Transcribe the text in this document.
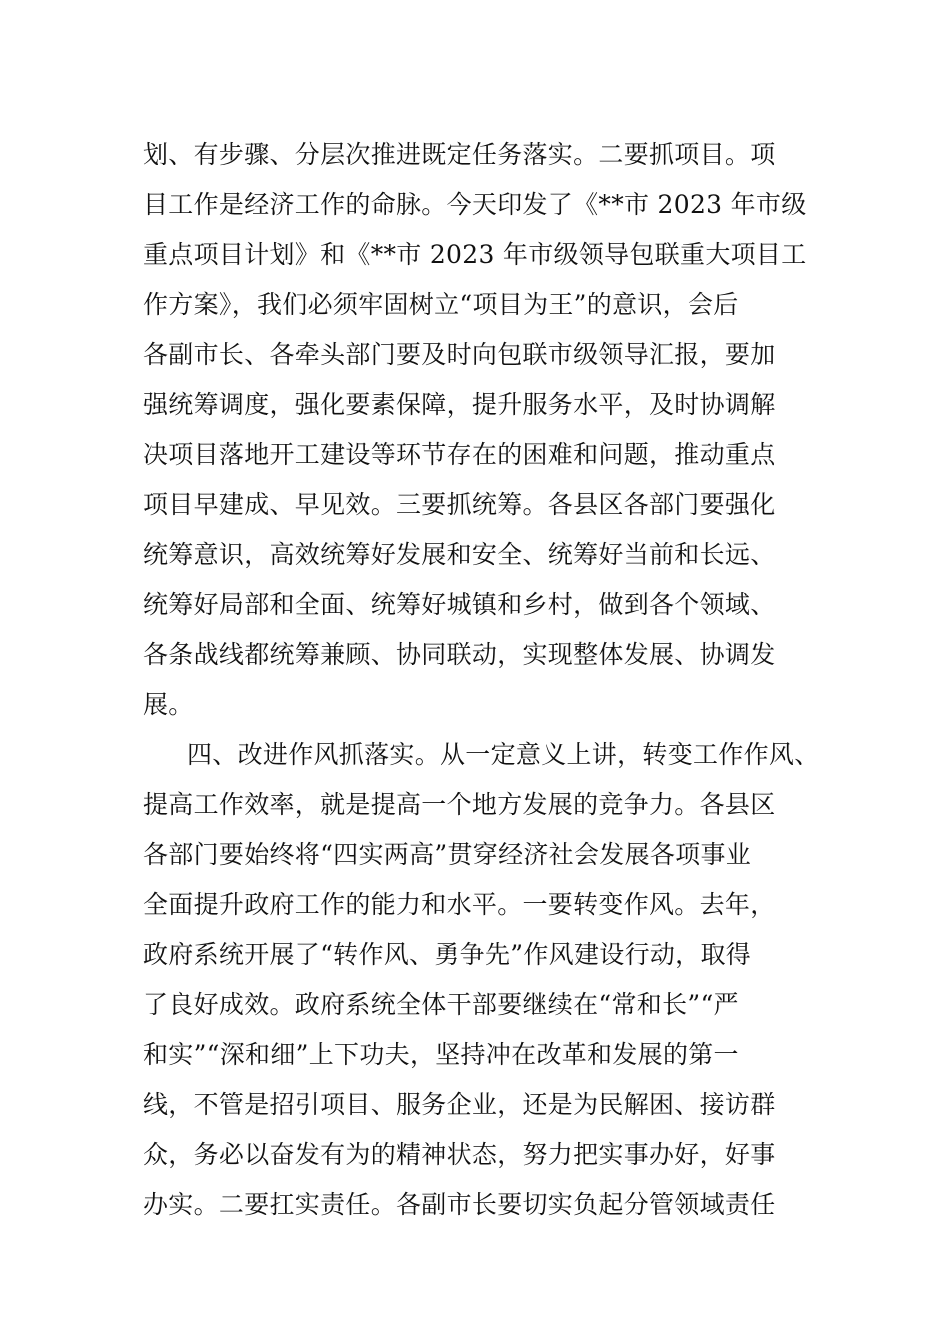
划、有步骤、分层次推进既定任务落实。二要抓项目。项
目工作是经济工作的命脉。今天印发了《**市 2023 年市级
重点项目计划》和《**市 2023 年市级领导包联重大项目工
作方案》，我们必须牢固树立“项目为王”的意识，会后
各副市长、各牵头部门要及时向包联市级领导汇报，要加
强统筹调度，强化要素保障，提升服务水平，及时协调解
决项目落地开工建设等环节存在的困难和问题，推动重点
项目早建成、早见效。三要抓统筹。各县区各部门要强化
统筹意识，高效统筹好发展和安全、统筹好当前和长远、
统筹好局部和全面、统筹好城镇和乡村，做到各个领域、
各条战线都统筹兼顾、协同联动，实现整体发展、协调发
展。
四、改进作风抓落实。从一定意义上讲，转变工作作风、
提高工作效率，就是提高一个地方发展的竞争力。各县区
各部门要始终将“四实两高”贯穿经济社会发展各项事业
全面提升政府工作的能力和水平。一要转变作风。去年，
政府系统开展了“转作风、勇争先”作风建设行动，取得
了良好成效。政府系统全体干部要继续在“常和长”“严
和实”“深和细”上下功夫，坚持冲在改革和发展的第一
线，不管是招引项目、服务企业，还是为民解困、接访群
众，务必以奋发有为的精神状态，努力把实事办好，好事
办实。二要扛实责任。各副市长要切实负起分管领域责任
